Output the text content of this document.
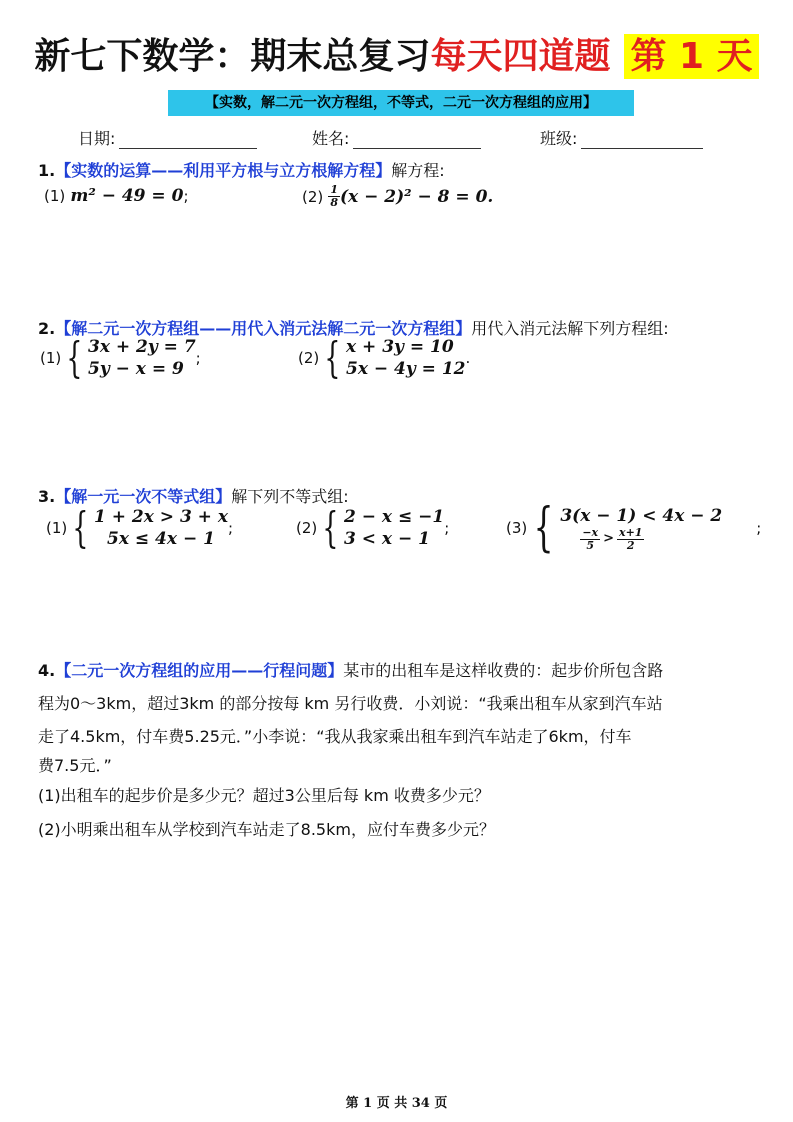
新七下数学：期末总复习每天四道题 第 1 天
【实数，解二元一次方程组，不等式，二元一次方程组的应用】
日期:	姓名:	班级:
1.【实数的运算——利用平方根与立方根解方程】解方程:
(1) m² − 49 = 0;	(2)
$\frac{1}{8} (x - 2)^2 - 8 = 0$.
2.【解二元一次方程组——用代入消元法解二元一次方程组】用代入消元法解下列方程组:
(1) { 3x + 2y = 7
5y − x = 9
;	(2) { x + 3y = 10
5x − 4y = 12
.
3.【解一元一次不等式组】解下列不等式组:
(1) { 1 + 2x > 3 + x
5x ≤ 4x − 1
;	(2) { 2 − x ≤ −1
3 < x − 1
;	(3) { 3(x − 1) < 4x − 2
$\frac{-x}{5} > \frac{x+1}{2}$	;
4.【二元一次方程组的应用——行程问题】某市的出租车是这样收费的：起步价所包含路
程为0～3km，超过3km 的部分按每 km 另行收费．小刘说：“我乘出租车从家到汽车站
走了4.5km，付车费5.25元．”小李说：“我从我家乘出租车到汽车站走了6km，付车
费7.5元．”
(1)出租车的起步价是多少元？超过3公里后每 km 收费多少元？
(2)小明乘出租车从学校到汽车站走了8.5km，应付车费多少元？
第 1 页 共 34 页
